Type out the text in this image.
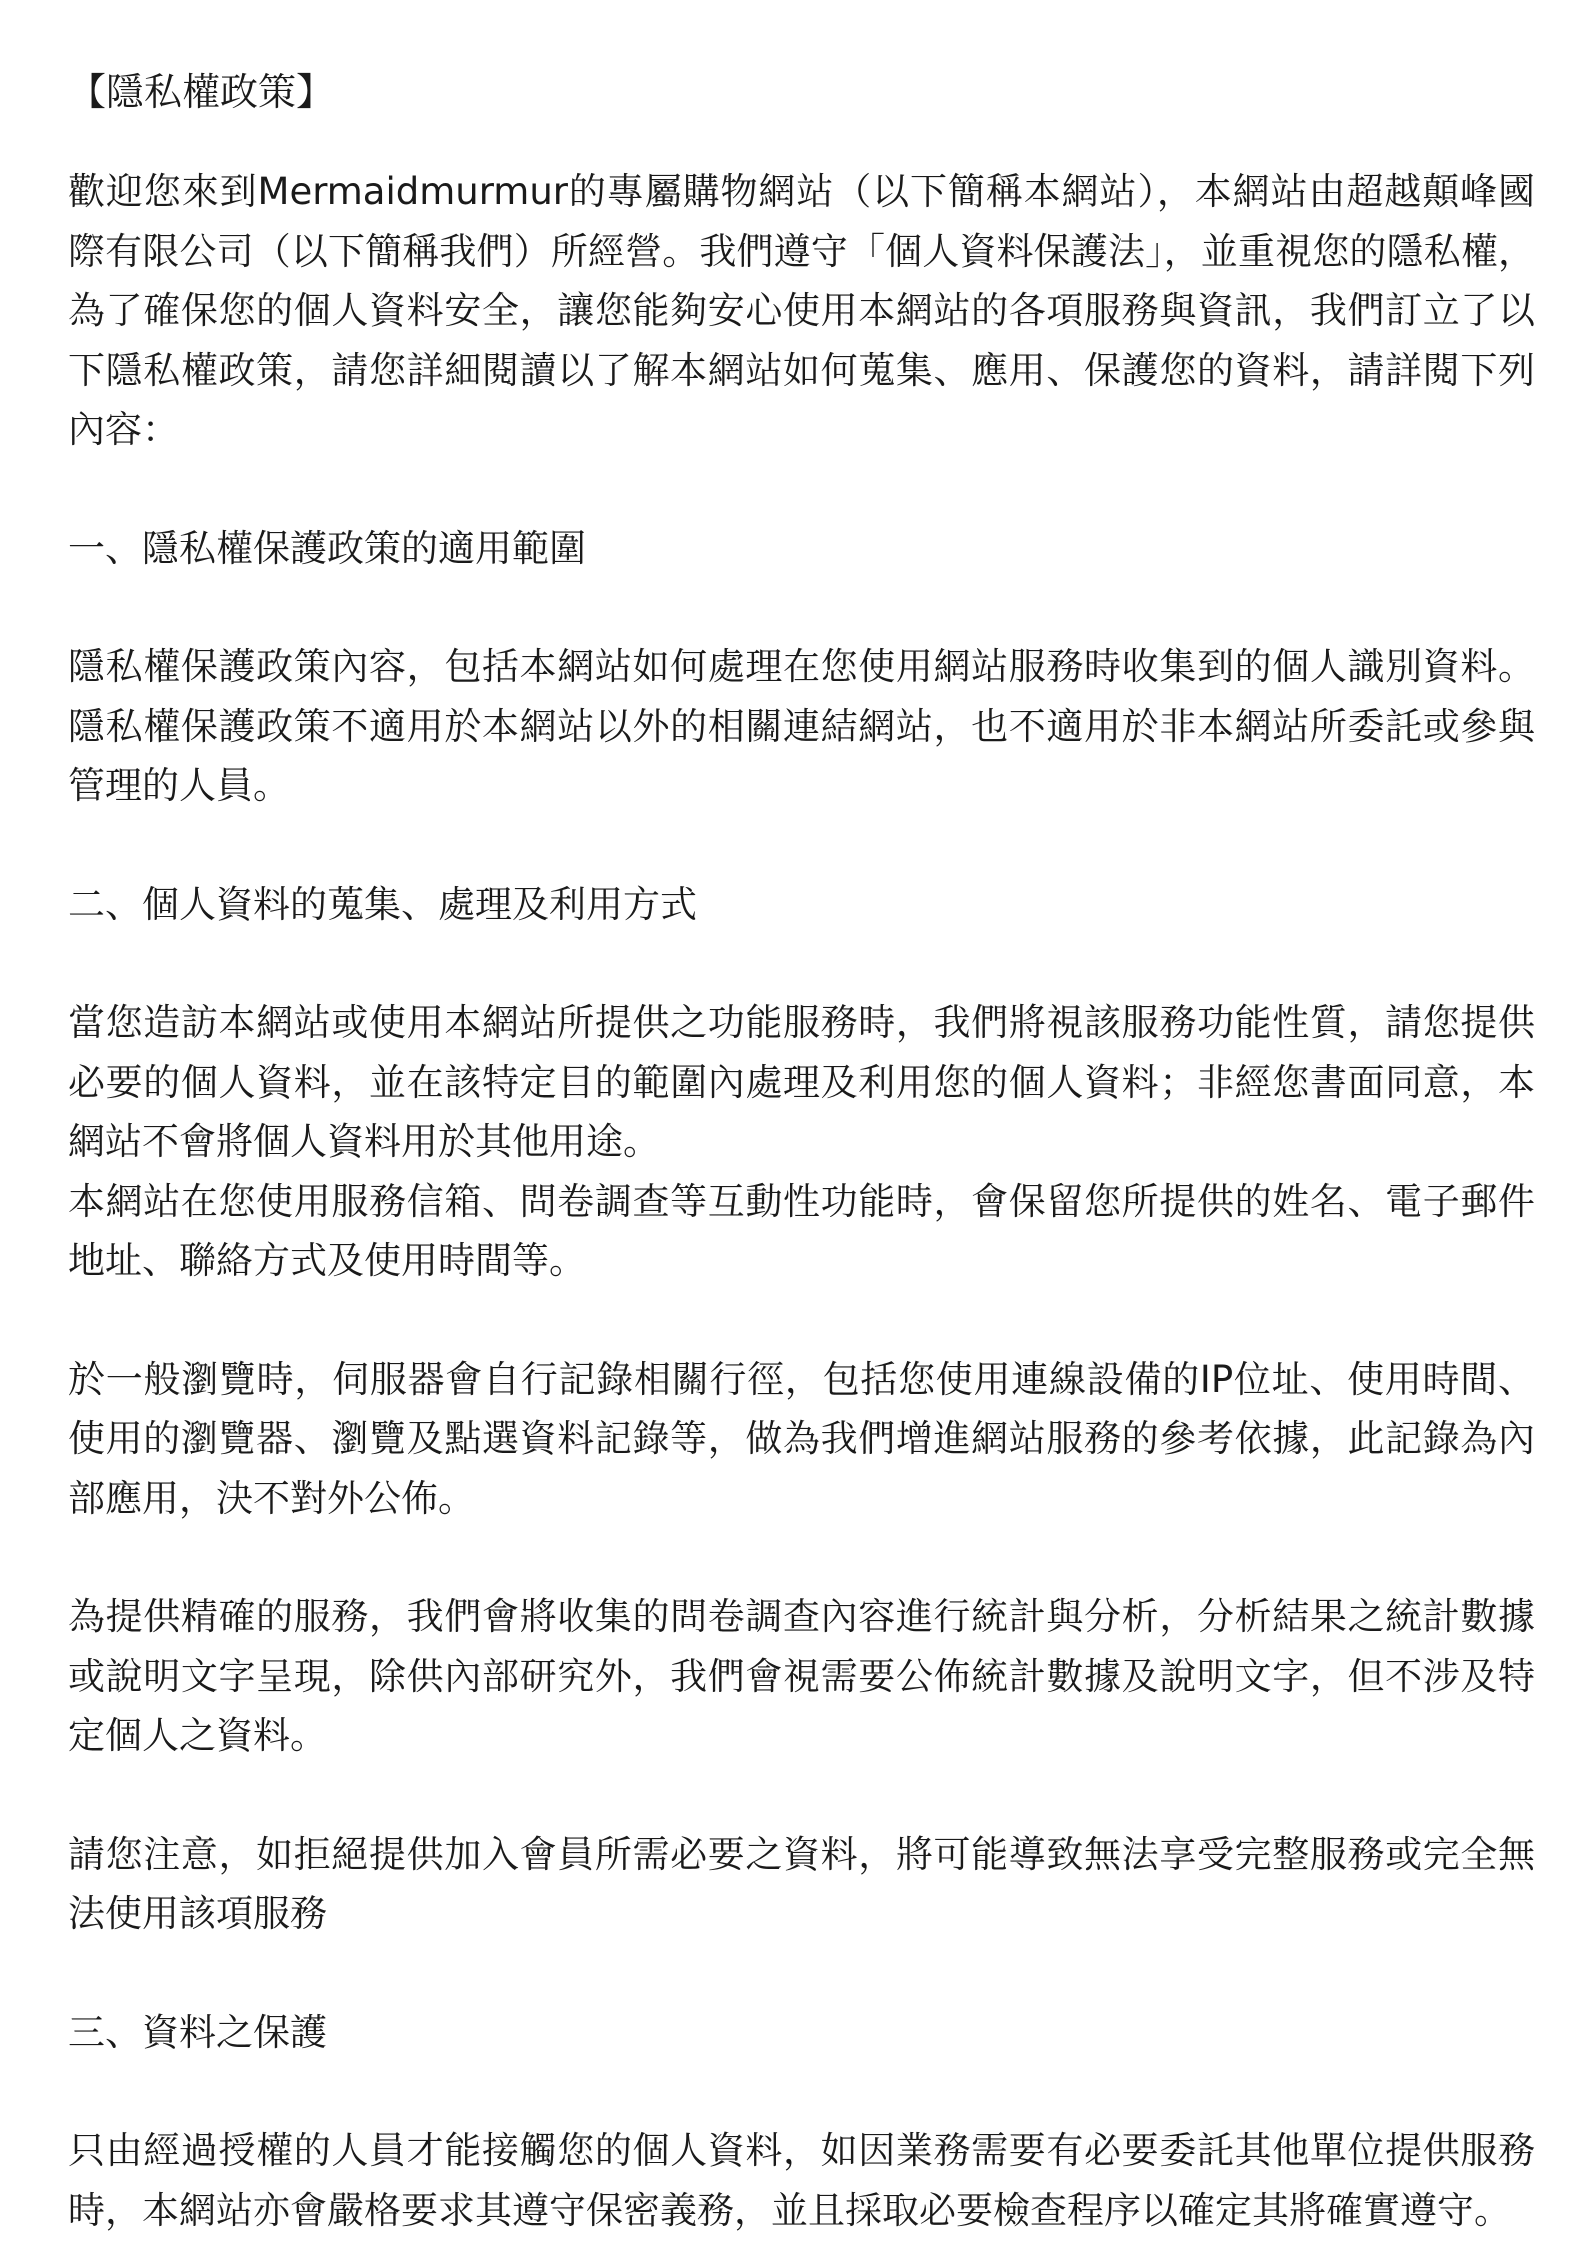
【隱私權政策】

歡迎您來到Mermaidmurmur的專屬購物網站（以下簡稱本網站），本網站由超越顛峰國際有限公司（以下簡稱我們）所經營。我們遵守「個人資料保護法」，並重視您的隱私權，為了確保您的個人資料安全，讓您能夠安心使用本網站的各項服務與資訊，我們訂立了以下隱私權政策，請您詳細閱讀以了解本網站如何蒐集、應用、保護您的資料，請詳閱下列內容：

一、隱私權保護政策的適用範圍

隱私權保護政策內容，包括本網站如何處理在您使用網站服務時收集到的個人識別資料。隱私權保護政策不適用於本網站以外的相關連結網站，也不適用於非本網站所委託或參與管理的人員。

二、個人資料的蒐集、處理及利用方式

當您造訪本網站或使用本網站所提供之功能服務時，我們將視該服務功能性質，請您提供必要的個人資料，並在該特定目的範圍內處理及利用您的個人資料；非經您書面同意，本網站不會將個人資料用於其他用途。

本網站在您使用服務信箱、問卷調查等互動性功能時，會保留您所提供的姓名、電子郵件地址、聯絡方式及使用時間等。

於一般瀏覽時，伺服器會自行記錄相關行徑，包括您使用連線設備的IP位址、使用時間、使用的瀏覽器、瀏覽及點選資料記錄等，做為我們增進網站服務的參考依據，此記錄為內部應用，決不對外公佈。

為提供精確的服務，我們會將收集的問卷調查內容進行統計與分析，分析結果之統計數據或說明文字呈現，除供內部研究外，我們會視需要公佈統計數據及說明文字，但不涉及特定個人之資料。

請您注意，如拒絕提供加入會員所需必要之資料，將可能導致無法享受完整服務或完全無法使用該項服務

三、資料之保護

只由經過授權的人員才能接觸您的個人資料，如因業務需要有必要委託其他單位提供服務時，本網站亦會嚴格要求其遵守保密義務，並且採取必要檢查程序以確定其將確實遵守。
